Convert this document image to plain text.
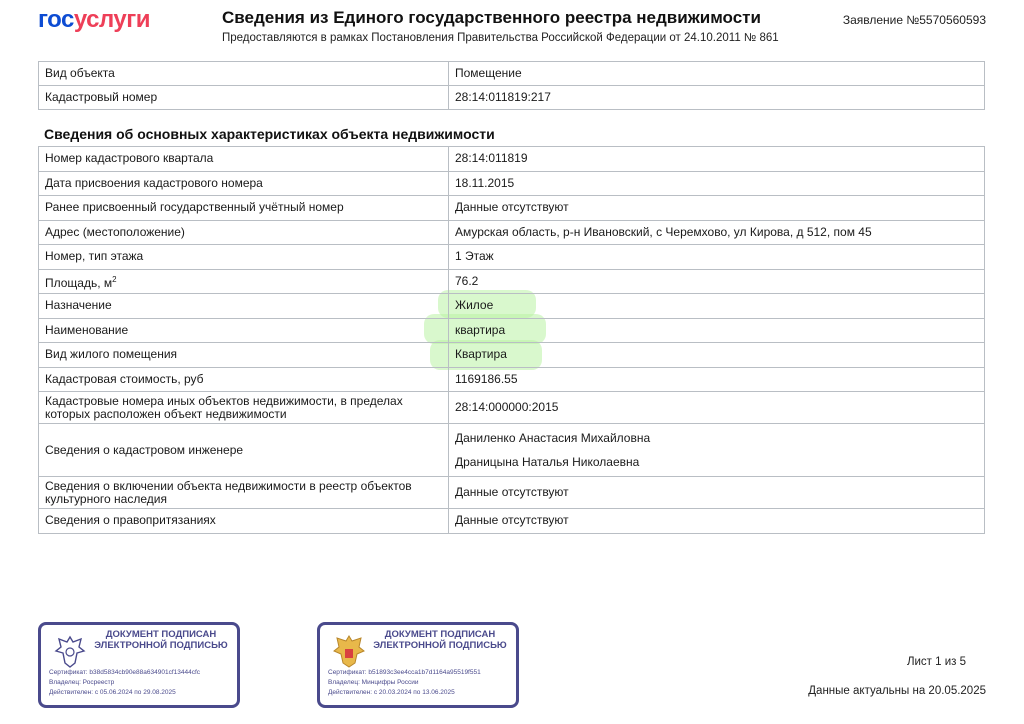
госуслуги	Сведения из Единого государственного реестра недвижимости
Предоставляются в рамках Постановления Правительства Российской Федерации от 24.10.2011 № 861
Заявление №5570560593
Вид объекта	Помещение
Кадастровый номер	28:14:011819:217
Сведения об основных характеристиках объекта недвижимости
Номер кадастрового квартала	28:14:011819
Дата присвоения кадастрового номера	18.11.2015
Ранее присвоенный государственный учётный номер	Данные отсутствуют
Адрес (местоположение)	Амурская область, р-н Ивановский, с Черемхово, ул Кирова, д 512, пом 45
Номер, тип этажа	1 Этаж
Площадь, $м^2$	76.2
Назначение	Жилое
Наименование	квартира
Вид жилого помещения	Квартира
Кадастровая стоимость, руб	1169186.55
Кадастровые номера иных объектов недвижимости, в пределах которых расположен объект недвижимости	28:14:000000:2015
Сведения о кадастровом инженере	Даниленко Анастасия Михайловна
Драницына Наталья Николаевна

Сведения о включении объекта недвижимости в реестр объектов культурного наследия	Данные отсутствуют
Сведения о правопритязаниях	Данные отсутствуют
ДОКУМЕНТ ПОДПИСАН ЭЛЕКТРОННОЙ ПОДПИСЬЮ
Сертификат: b38d5834cb90e88a634901cf13444cfc
Владелец: Росреестр
Действителен: с 05.06.2024 по 29.08.2025
ДОКУМЕНТ ПОДПИСАН ЭЛЕКТРОННОЙ ПОДПИСЬЮ
Сертификат: b51893c3ee4cca1b7d1164a95519f551
Владелец: Минцифры России
Действителен: с 20.03.2024 по 13.06.2025
Лист 1 из 5
Данные актуальны на 20.05.2025
